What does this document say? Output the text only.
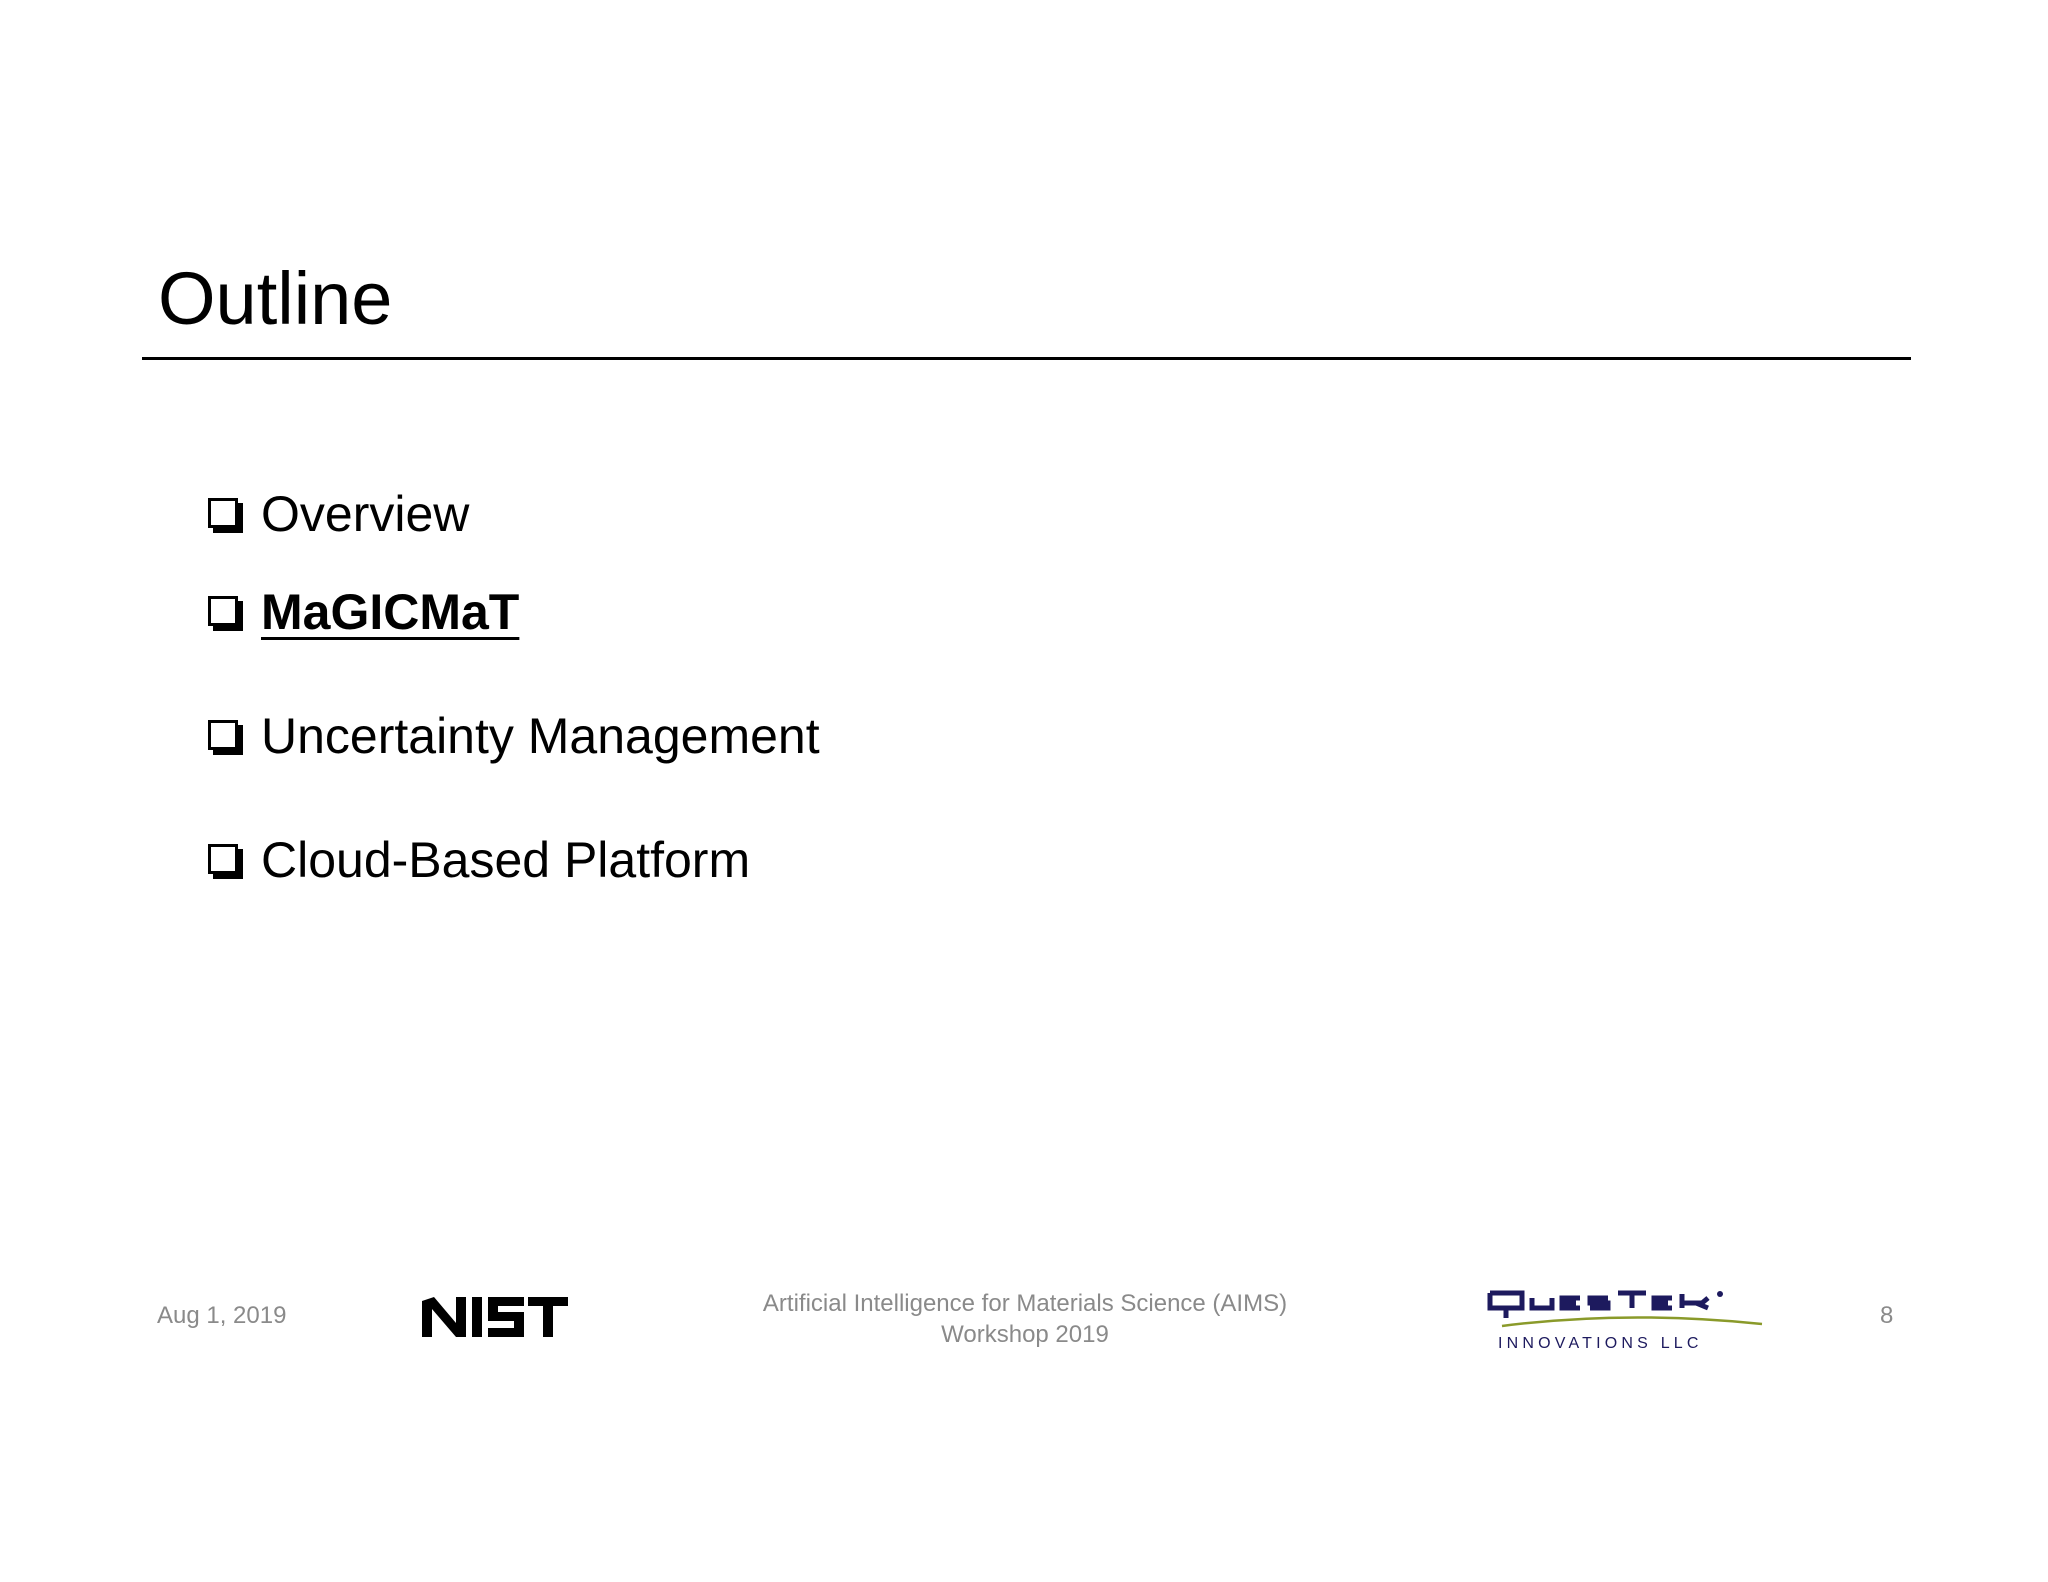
Outline
Overview
MaGICMaT
Uncertainty Management
Cloud-Based Platform
Aug 1, 2019	Artificial Intelligence for Materials Science (AIMS)
Workshop 2019	INNOVATIONS LLC
8
